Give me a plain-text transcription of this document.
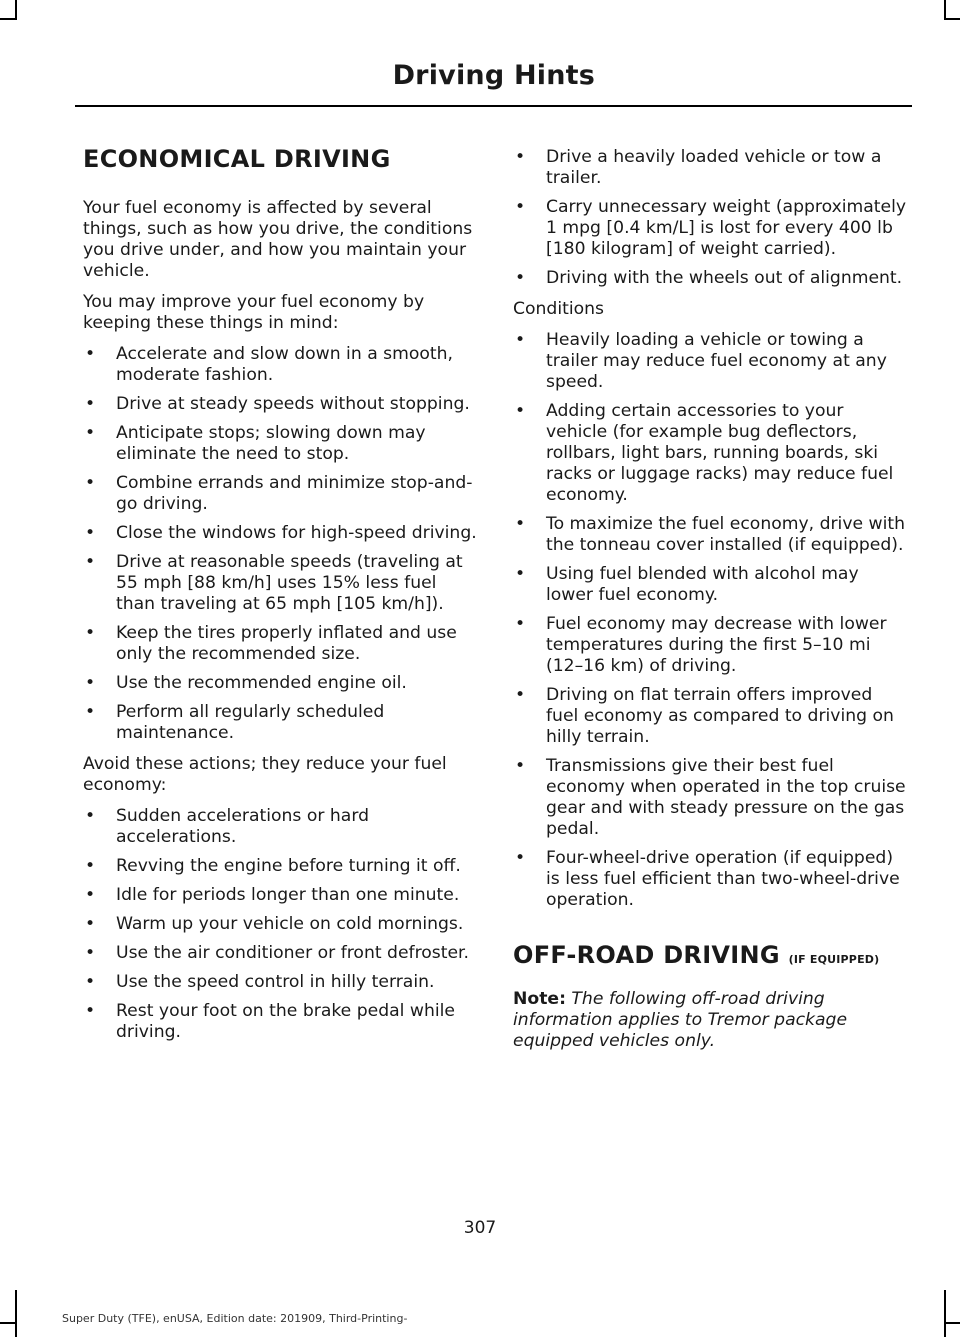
Driving Hints
ECONOMICAL DRIVING

Your fuel economy is affected by several things, such as how you drive, the conditions you drive under, and how you maintain your vehicle.

You may improve your fuel economy by keeping these things in mind:

• Accelerate and slow down in a smooth, moderate fashion.
• Drive at steady speeds without stopping.
• Anticipate stops; slowing down may eliminate the need to stop.
• Combine errands and minimize stop-and-go driving.
• Close the windows for high-speed driving.
• Drive at reasonable speeds (traveling at 55 mph [88 km/h] uses 15% less fuel than traveling at 65 mph [105 km/h]).
• Keep the tires properly inflated and use only the recommended size.
• Use the recommended engine oil.
• Perform all regularly scheduled maintenance.

Avoid these actions; they reduce your fuel economy:

• Sudden accelerations or hard accelerations.
• Revving the engine before turning it off.
• Idle for periods longer than one minute.
• Warm up your vehicle on cold mornings.
• Use the air conditioner or front defroster.
• Use the speed control in hilly terrain.
• Rest your foot on the brake pedal while driving.
• Drive a heavily loaded vehicle or tow a trailer.
• Carry unnecessary weight (approximately 1 mpg [0.4 km/L] is lost for every 400 lb [180 kilogram] of weight carried).
• Driving with the wheels out of alignment.

Conditions

• Heavily loading a vehicle or towing a trailer may reduce fuel economy at any speed.
• Adding certain accessories to your vehicle (for example bug deflectors, rollbars, light bars, running boards, ski racks or luggage racks) may reduce fuel economy.
• To maximize the fuel economy, drive with the tonneau cover installed (if equipped).
• Using fuel blended with alcohol may lower fuel economy.
• Fuel economy may decrease with lower temperatures during the first 5–10 mi (12–16 km) of driving.
• Driving on flat terrain offers improved fuel economy as compared to driving on hilly terrain.
• Transmissions give their best fuel economy when operated in the top cruise gear and with steady pressure on the gas pedal.
• Four-wheel-drive operation (if equipped) is less fuel efficient than two-wheel-drive operation.
OFF-ROAD DRIVING (IF EQUIPPED)

Note: The following off-road driving information applies to Tremor package equipped vehicles only.

307
Super Duty (TFE), enUSA, Edition date: 201909, Third-Printing-
